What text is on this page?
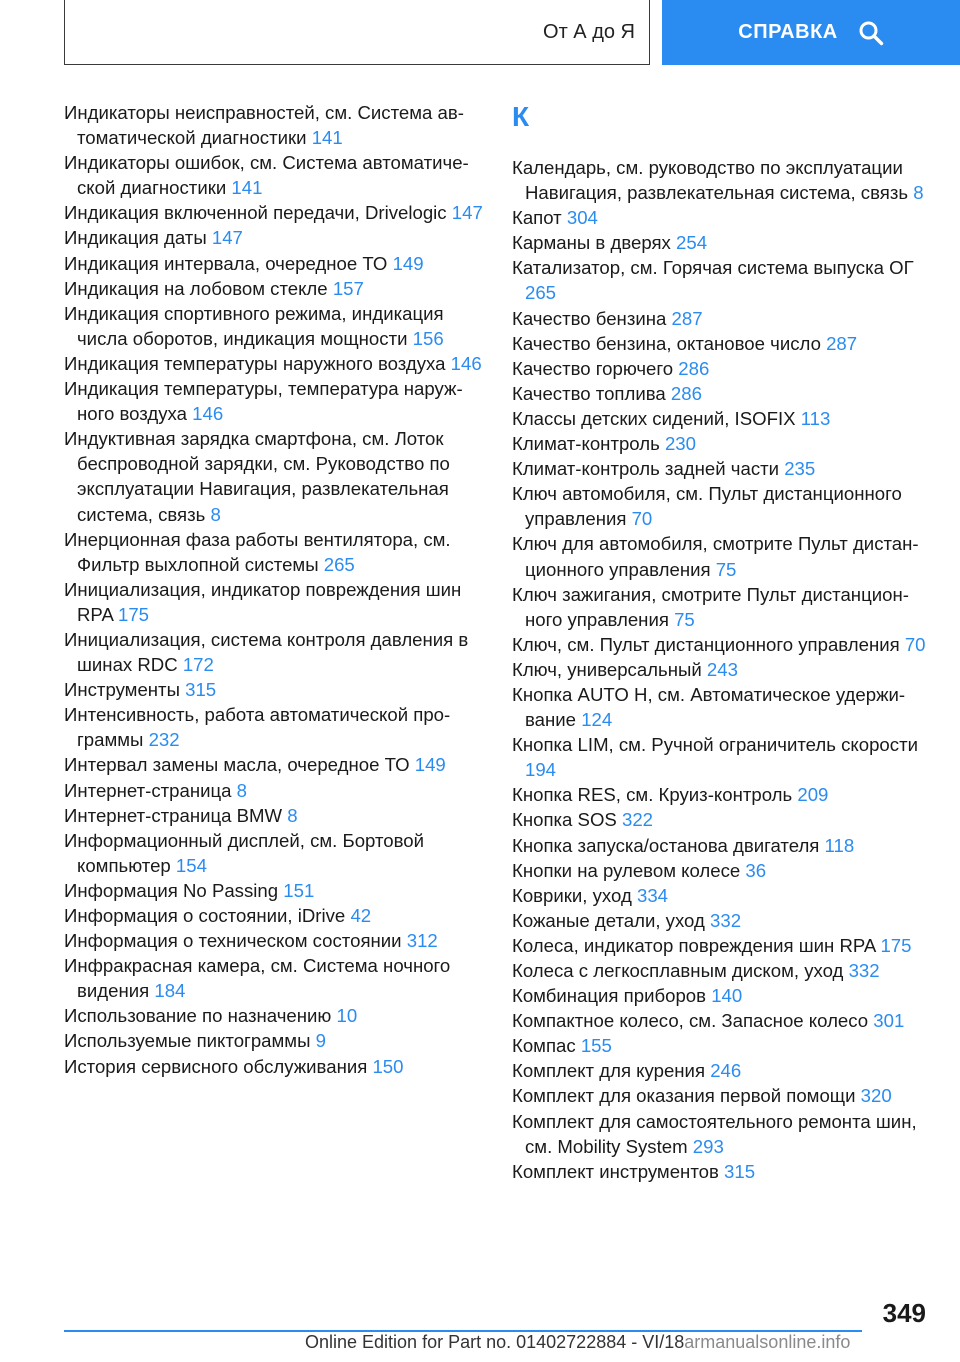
От А до Я	СПРАВКА
Индикаторы неисправностей, см. Система автоматической диагностики 141
Индикаторы ошибок, см. Система автоматической диагностики 141
Индикация включенной передачи, Drivelogic 147
Индикация даты 147
Индикация интервала, очередное ТО 149
Индикация на лобовом стекле 157
Индикация спортивного режима, индикация числа оборотов, индикация мощности 156
Индикация температуры наружного воздуха 146
Индикация температуры, температура наружного воздуха 146
Индуктивная зарядка смартфона, см. Лоток беспроводной зарядки, см. Руководство по эксплуатации Навигация, развлекательная система, связь 8
Инерционная фаза работы вентилятора, см. Фильтр выхлопной системы 265
Инициализация, индикатор повреждения шин RPA 175
Инициализация, система контроля давления в шинах RDC 172
Инструменты 315
Интенсивность, работа автоматической программы 232
Интервал замены масла, очередное ТО 149
Интернет-страница 8
Интернет-страница BMW 8
Информационный дисплей, см. Бортовой компьютер 154
Информация No Passing 151
Информация о состоянии, iDrive 42
Информация о техническом состоянии 312
Инфракрасная камера, см. Система ночного видения 184
Использование по назначению 10
Используемые пиктограммы 9
История сервисного обслуживания 150
К
Календарь, см. руководство по эксплуатации Навигация, развлекательная система, связь 8
Капот 304
Карманы в дверях 254
Катализатор, см. Горячая система выпуска ОГ 265
Качество бензина 287
Качество бензина, октановое число 287
Качество горючего 286
Качество топлива 286
Классы детских сидений, ISOFIX 113
Климат-контроль 230
Климат-контроль задней части 235
Ключ автомобиля, см. Пульт дистанционного управления 70
Ключ для автомобиля, смотрите Пульт дистанционного управления 75
Ключ зажигания, смотрите Пульт дистанционного управления 75
Ключ, см. Пульт дистанционного управления 70
Ключ, универсальный 243
Кнопка AUTO H, см. Автоматическое удерживание 124
Кнопка LIM, см. Ручной ограничитель скорости 194
Кнопка RES, см. Круиз-контроль 209
Кнопка SOS 322
Кнопка запуска/останова двигателя 118
Кнопки на рулевом колесе 36
Коврики, уход 334
Кожаные детали, уход 332
Колеса, индикатор повреждения шин RPA 175
Колеса с легкосплавным диском, уход 332
Комбинация приборов 140
Компактное колесо, см. Запасное колесо 301
Компас 155
Комплект для курения 246
Комплект для оказания первой помощи 320
Комплект для самостоятельного ремонта шин, см. Mobility System 293
Комплект инструментов 315
349
Online Edition for Part no. 01402722884 - VI/18armanualsonline.info
